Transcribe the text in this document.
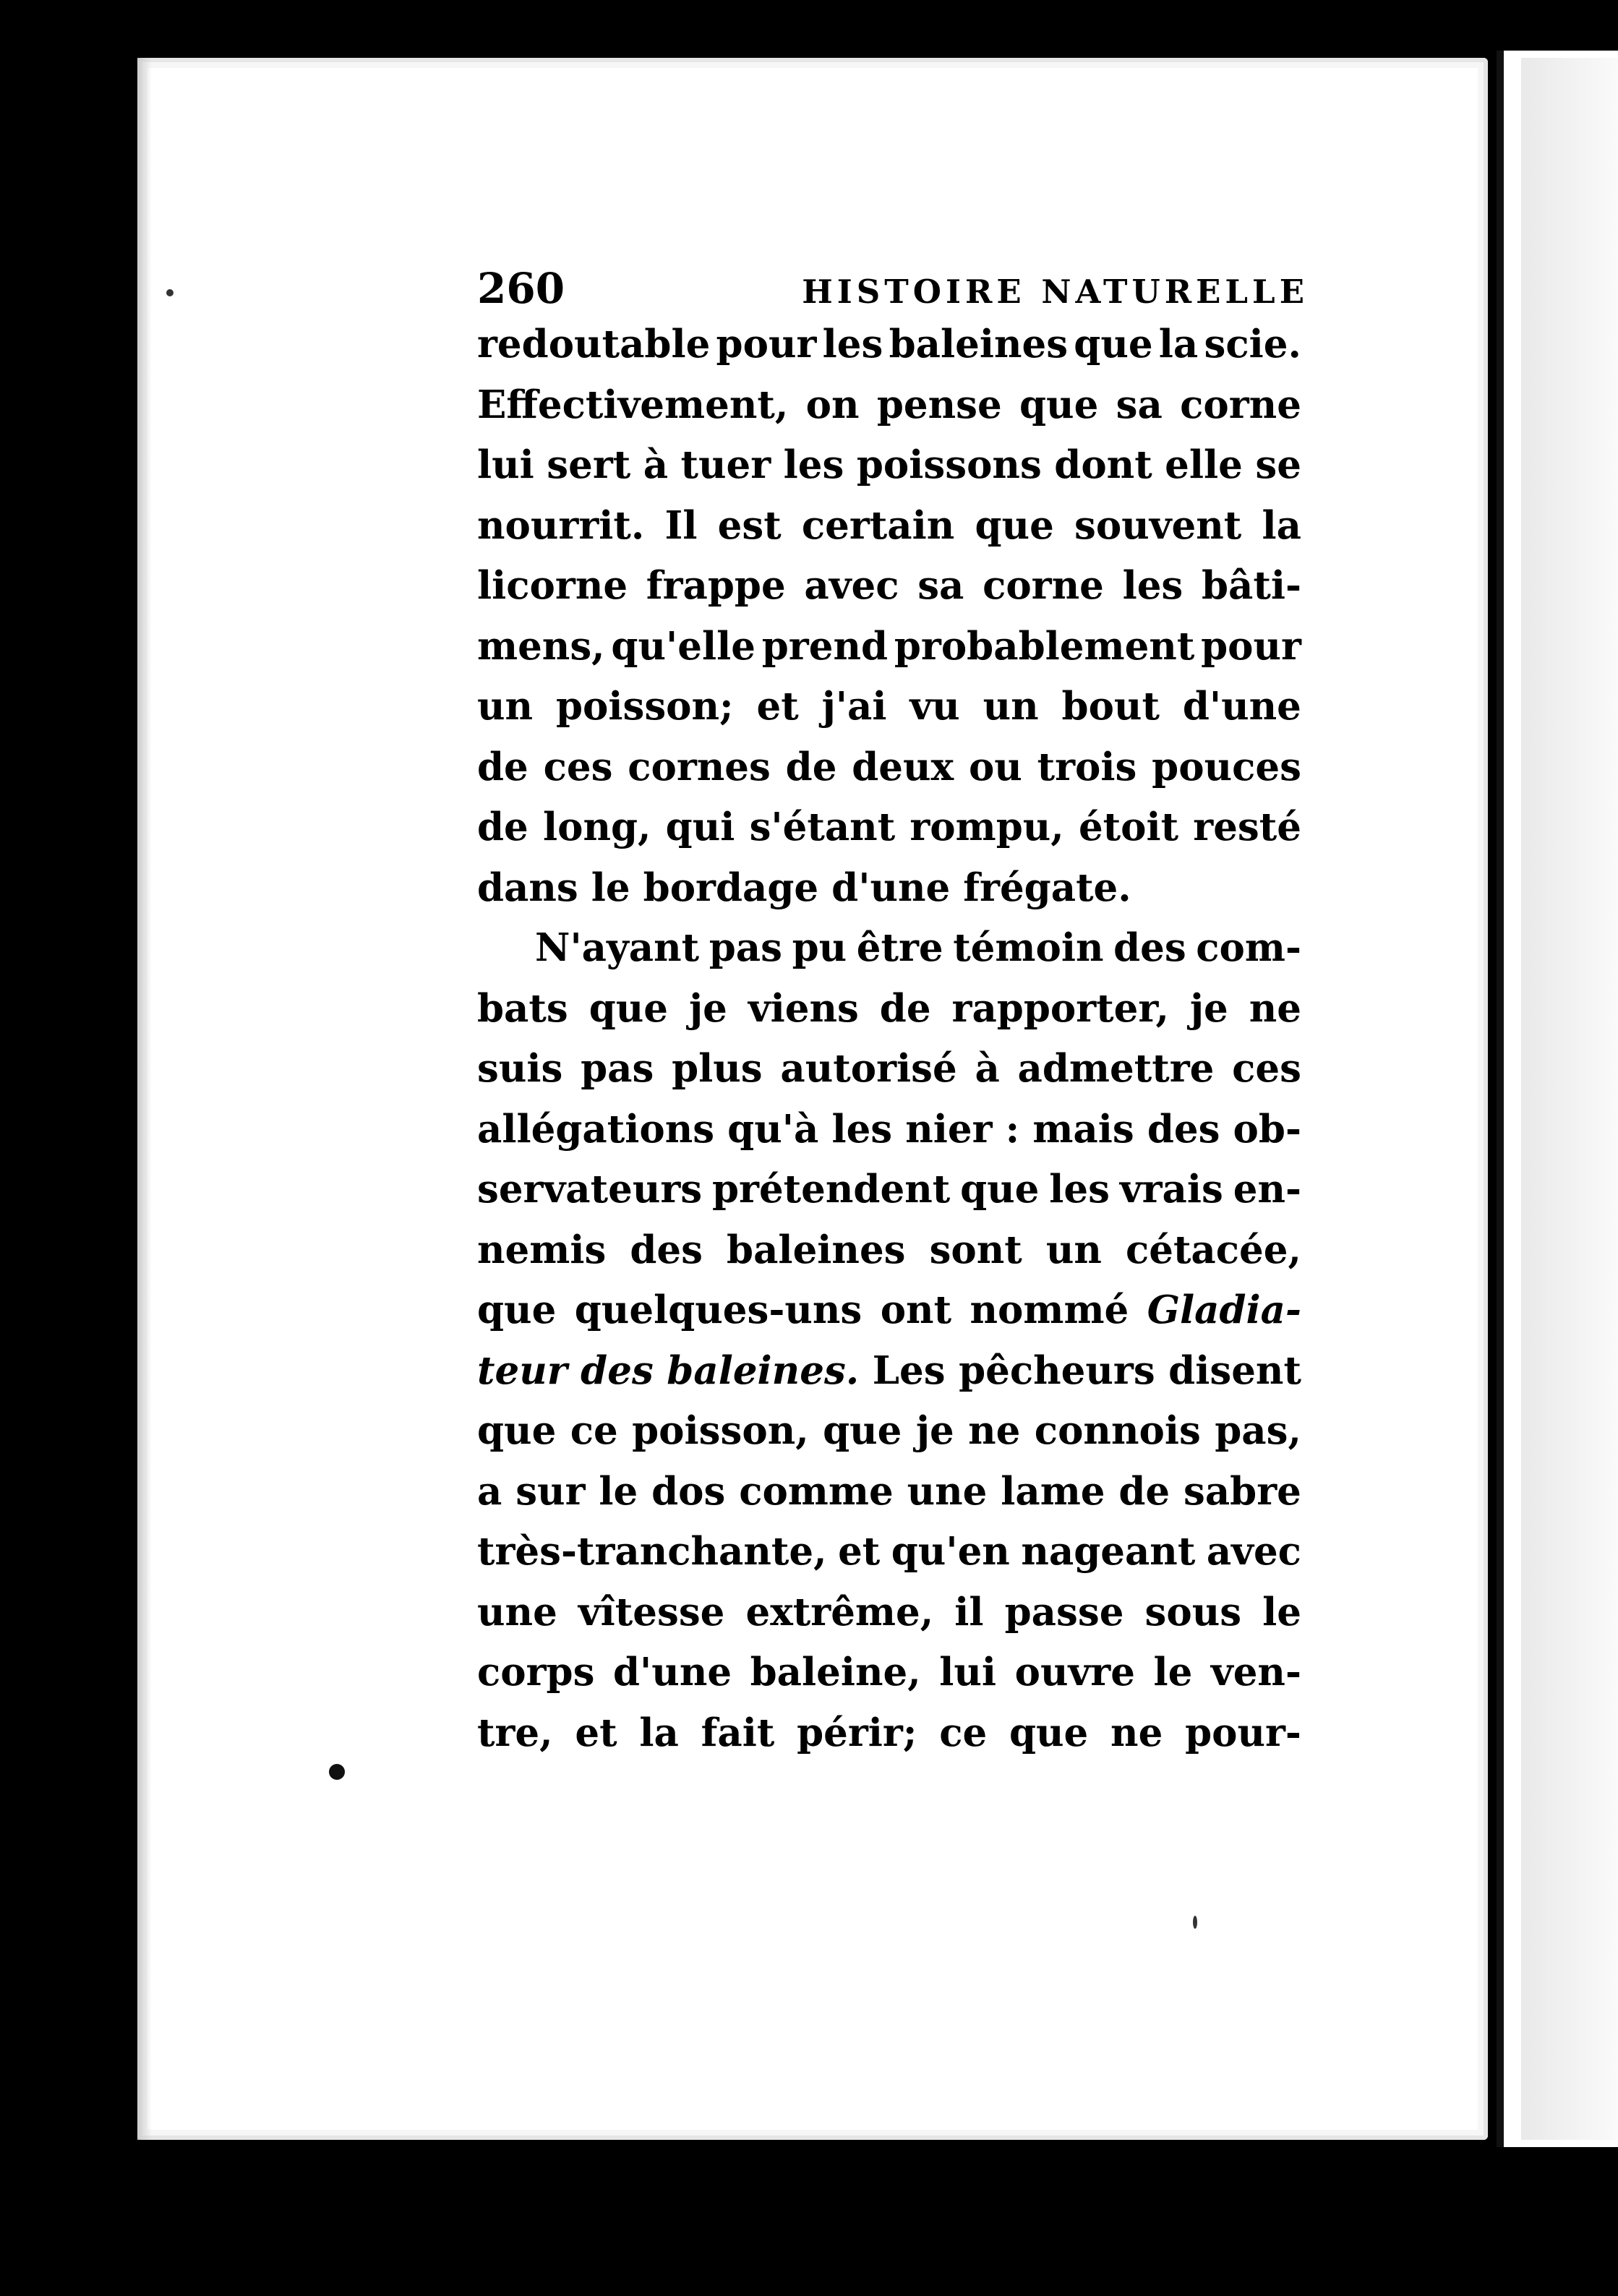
260	HISTOIRE NATURELLE
redoutable pour les baleines que la scie.
Effectivement, on pense que sa corne
lui sert à tuer les poissons dont elle se
nourrit. Il est certain que souvent la
licorne frappe avec sa corne les bâti-
mens, qu'elle prend probablement pour
un poisson; et j'ai vu un bout d'une
de ces cornes de deux ou trois pouces
de long, qui s'étant rompu, étoit resté
dans le bordage d'une frégate.
N'ayant pas pu être témoin des com-
bats que je viens de rapporter, je ne
suis pas plus autorisé à admettre ces
allégations qu'à les nier : mais des ob-
servateurs prétendent que les vrais en-
nemis des baleines sont un cétacée,
que quelques-uns ont nommé Gladia-
teur des baleines. Les pêcheurs disent
que ce poisson, que je ne connois pas,
a sur le dos comme une lame de sabre
très-tranchante, et qu'en nageant avec
une vîtesse extrême, il passe sous le
corps d'une baleine, lui ouvre le ven-
tre, et la fait périr; ce que ne pour-
